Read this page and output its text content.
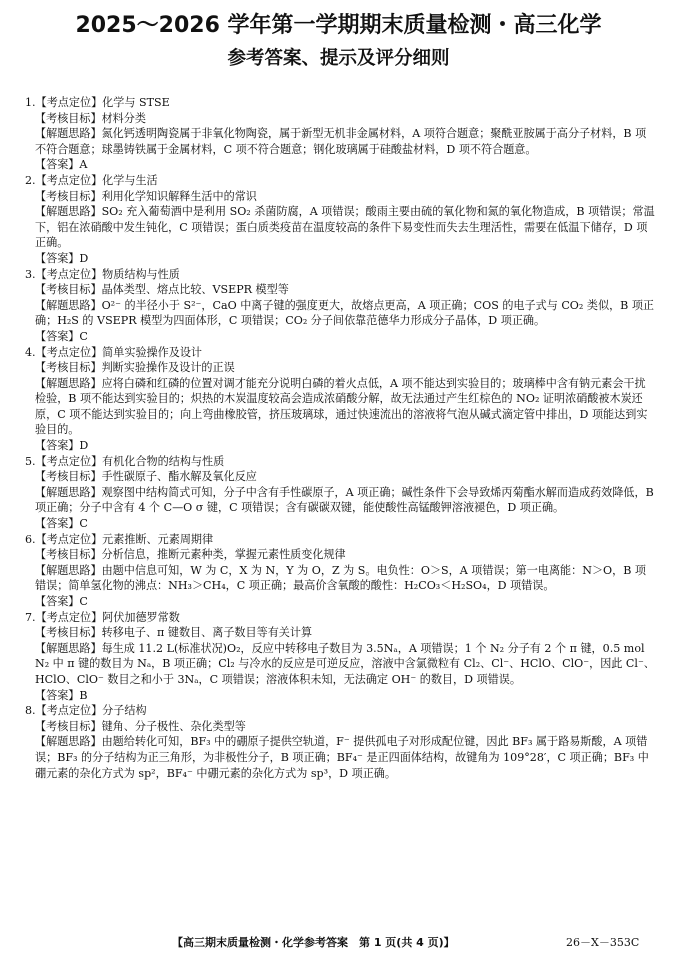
2025～2026 学年第一学期期末质量检测・高三化学
参考答案、提示及评分细则
1.【考点定位】化学与 STSE
【考核目标】材料分类
【解题思路】氮化钙透明陶瓷属于非氧化物陶瓷，属于新型无机非金属材料，A 项符合题意；聚酰亚胺属于高分子材料，B 项不符合题意；球墨铸铁属于金属材料，C 项不符合题意；钢化玻璃属于硅酸盐材料，D 项不符合题意。
【答案】A
2.【考点定位】化学与生活
【考核目标】利用化学知识解释生活中的常识
【解题思路】SO₂ 充入葡萄酒中是利用 SO₂ 杀菌防腐，A 项错误；酸雨主要由硫的氧化物和氮的氧化物造成，B 项错误；常温下，铝在浓硝酸中发生钝化，C 项错误；蛋白质类疫苗在温度较高的条件下易变性而失去生理活性，需要在低温下储存，D 项正确。
【答案】D
3.【考点定位】物质结构与性质
【考核目标】晶体类型、熔点比较、VSEPR 模型等
【解题思路】O²⁻ 的半径小于 S²⁻，CaO 中离子键的强度更大，故熔点更高，A 项正确；COS 的电子式与 CO₂ 类似，B 项正确；H₂S 的 VSEPR 模型为四面体形，C 项错误；CO₂ 分子间依靠范德华力形成分子晶体，D 项正确。
【答案】C
4.【考点定位】简单实验操作及设计
【考核目标】判断实验操作及设计的正误
【解题思路】应将白磷和红磷的位置对调才能充分说明白磷的着火点低，A 项不能达到实验目的；玻璃棒中含有钠元素会干扰检验，B 项不能达到实验目的；炽热的木炭温度较高会造成浓硝酸分解，故无法通过产生红棕色的 NO₂ 证明浓硝酸被木炭还原，C 项不能达到实验目的；向上弯曲橡胶管，挤压玻璃球，通过快速流出的溶液将气泡从碱式滴定管中排出，D 项能达到实验目的。
【答案】D
5.【考点定位】有机化合物的结构与性质
【考核目标】手性碳原子、酯水解及氧化反应
【解题思路】观察图中结构简式可知，分子中含有手性碳原子，A 项正确；碱性条件下会导致烯丙菊酯水解而造成药效降低，B 项正确；分子中含有 4 个 C—O σ 键，C 项错误；含有碳碳双键，能使酸性高锰酸钾溶液褪色，D 项正确。
【答案】C
6.【考点定位】元素推断、元素周期律
【考核目标】分析信息，推断元素种类，掌握元素性质变化规律
【解题思路】由题中信息可知，W 为 C，X 为 N，Y 为 O，Z 为 S。电负性：O＞S，A 项错误；第一电离能：N＞O，B 项错误；简单氢化物的沸点：NH₃＞CH₄，C 项正确；最高价含氧酸的酸性：H₂CO₃＜H₂SO₄，D 项错误。
【答案】C
7.【考点定位】阿伏加德罗常数
【考核目标】转移电子、π 键数目、离子数目等有关计算
【解题思路】每生成 11.2 L(标准状况)O₂，反应中转移电子数目为 3.5Nₐ，A 项错误；1 个 N₂ 分子有 2 个 π 键，0.5 mol N₂ 中 π 键的数目为 Nₐ，B 项正确；Cl₂ 与冷水的反应是可逆反应，溶液中含氯微粒有 Cl₂、Cl⁻、HClO、ClO⁻，因此 Cl⁻、HClO、ClO⁻ 数目之和小于 3Nₐ，C 项错误；溶液体积未知，无法确定 OH⁻ 的数目，D 项错误。
【答案】B
8.【考点定位】分子结构
【考核目标】键角、分子极性、杂化类型等
【解题思路】由题给转化可知，BF₃ 中的硼原子提供空轨道，F⁻ 提供孤电子对形成配位键，因此 BF₃ 属于路易斯酸，A 项错误；BF₃ 的分子结构为正三角形，为非极性分子，B 项正确；BF₄⁻ 是正四面体结构，故键角为 109°28′，C 项正确；BF₃ 中硼元素的杂化方式为 sp²，BF₄⁻ 中硼元素的杂化方式为 sp³，D 项正确。
【高三期末质量检测・化学参考答案　第 1 页(共 4 页)】	26－X－353C
